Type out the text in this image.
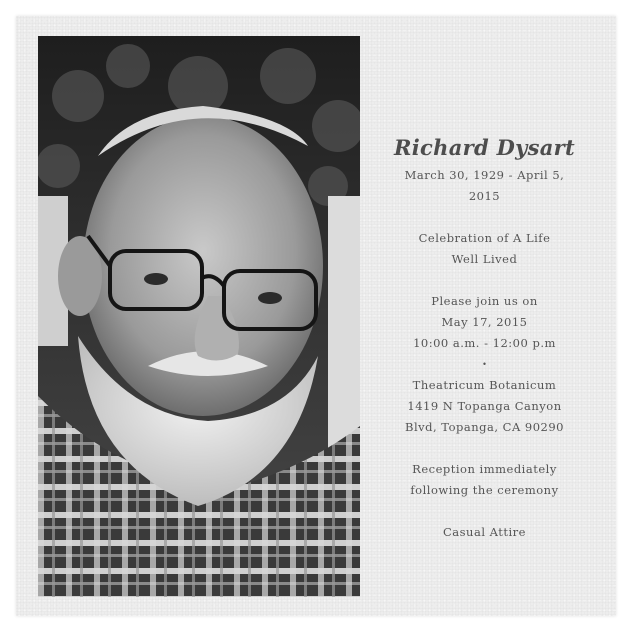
Richard Dysart
March 30, 1929 - April 5,
2015
Celebration of A Life
Well Lived
Please join us on
May 17, 2015
10:00 a.m. - 12:00 p.m
•
Theatricum Botanicum
1419 N Topanga Canyon
Blvd, Topanga, CA 90290
Reception immediately
following the ceremony
Casual Attire
